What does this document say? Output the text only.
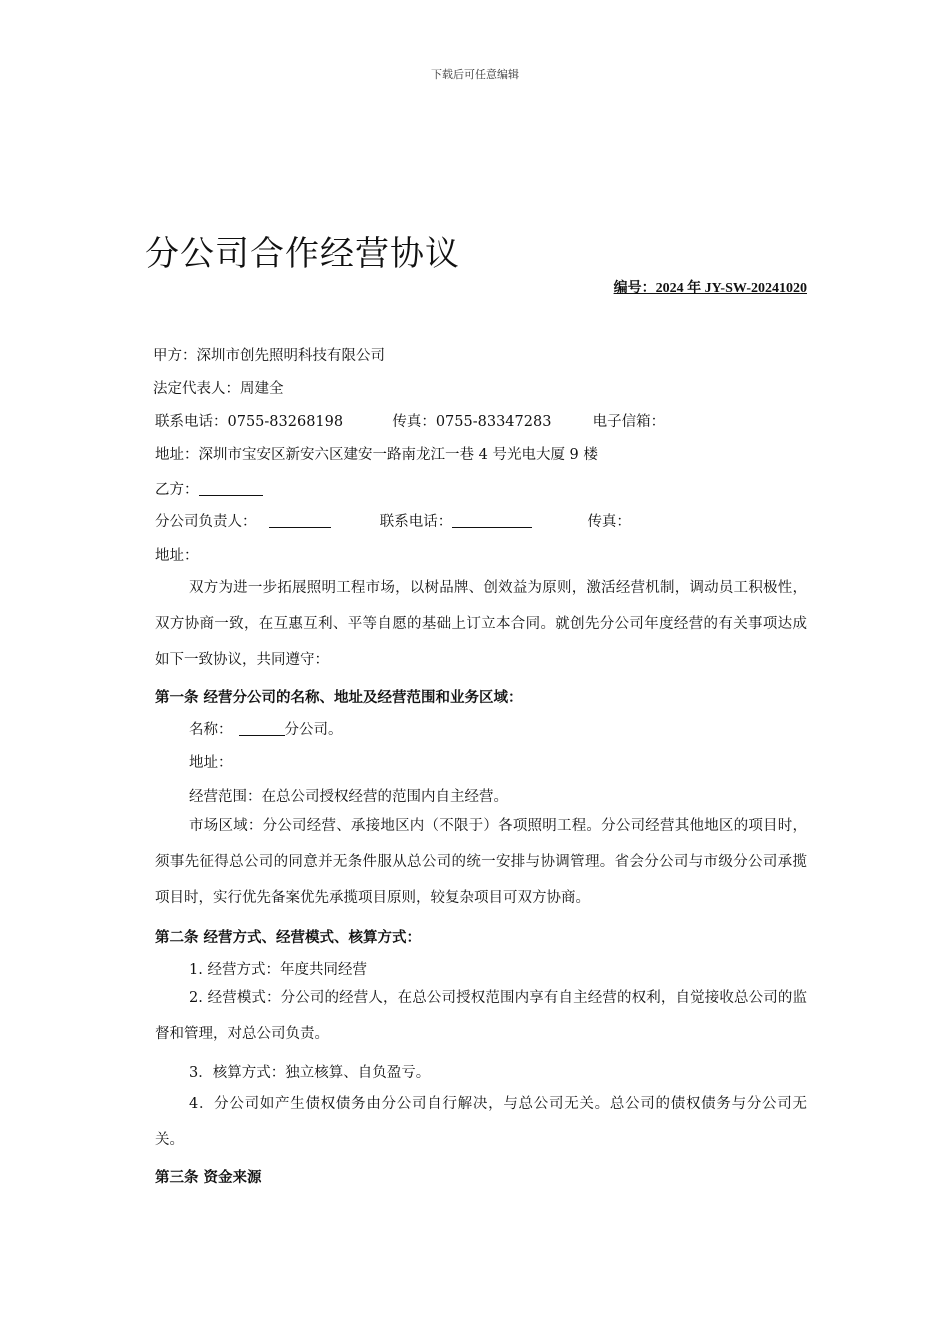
下载后可任意编辑
分公司合作经营协议
编号：2024 年 JY-SW-20241020
甲方：深圳市创先照明科技有限公司
法定代表人：周建全
联系电话：0755-83268198	传真：0755-83347283	电子信箱：
地址：深圳市宝安区新安六区建安一路南龙江一巷 4 号光电大厦 9 楼
乙方：
分公司负责人：	联系电话：	传真：
地址：
双方为进一步拓展照明工程市场，以树品牌、创效益为原则，激活经营机制，调动员工积极性，双方协商一致，在互惠互利、平等自愿的基础上订立本合同。就创先分公司年度经营的有关事项达成如下一致协议，共同遵守：
第一条 经营分公司的名称、地址及经营范围和业务区域：
名称：	分公司。
地址：
经营范围：在总公司授权经营的范围内自主经营。
市场区域：分公司经营、承接地区内（不限于）各项照明工程。分公司经营其他地区的项目时，须事先征得总公司的同意并无条件服从总公司的统一安排与协调管理。省会分公司与市级分公司承揽项目时，实行优先备案优先承揽项目原则，较复杂项目可双方协商。
第二条 经营方式、经营模式、核算方式：
1. 经营方式：年度共同经营
2. 经营模式：分公司的经营人，在总公司授权范围内享有自主经营的权利，自觉接收总公司的监督和管理，对总公司负责。
3．核算方式：独立核算、自负盈亏。
4．分公司如产生债权债务由分公司自行解决，与总公司无关。总公司的债权债务与分公司无关。
第三条 资金来源
